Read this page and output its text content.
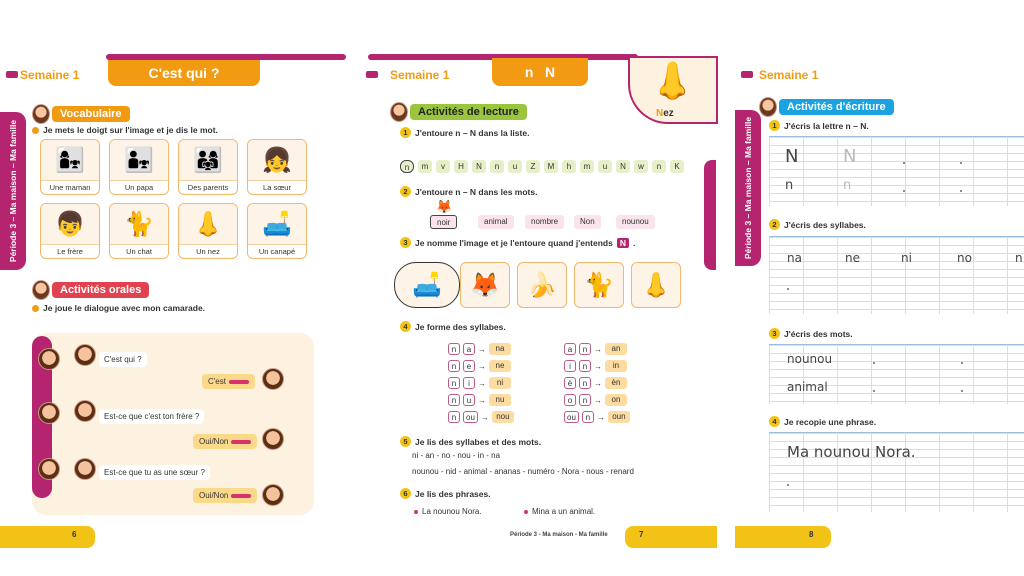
Semaine 1	C'est qui ?
Période 3 – Ma maison – Ma famille
Vocabulaire
Je mets le doigt sur l'image et je dis le mot.
👩‍👧
Une maman
👨‍👧
Un papa
👨‍👩‍👧
Des parents
👧
La sœur
👦
Le frère
🐈
Un chat
👃
Un nez
🛋️
Un canapé
Activités orales
Je joue le dialogue avec mon camarade.
C'est qui ?
C'est
Est-ce que c'est ton frère ?
Oui/Non
Est-ce que tu as une sœur ?
Oui/Non
6
Semaine 1	n   N	👃
Nez
Activités de lecture
1 J'entoure n – N dans la liste.
n	m	v	H	N	n	u	Z	M	h	m	u	N	w	n	K
2 J'entoure n – N dans les mots.
🦊
noir	animal	nombre	Non	nounou
3 Je nomme l'image et je l'entoure quand j'entends N .
🛋️ 🦊 🍌 🐈 👃
4 Je forme des syllabes.
n	a →	na
n	e →	ne
n	i	→	ni
n	u →	nu
n	ou → nou
a	n →	an
i	n →	in
è	n →	èn
o	n →	on
ou	n → oun
5 Je lis des syllabes et des mots.
ni - an - no - nou - in - na
nounou - nid - animal - ananas - numéro - Nora - nous - renard
6 Je lis des phrases.
La nounou Nora.	Mina a un animal.
Période 3 - Ma maison - Ma famille	7
Semaine 1
Période 3 – Ma maison – Ma famille
Activités d'écriture
1 J'écris la lettre n – N.
N N
n	n
2 J'écris des syllabes.
na	ne	ni	no	n
3 J'écris des mots.
nounou
animal
4 Je recopie une phrase.
Ma nounou Nora.
8
